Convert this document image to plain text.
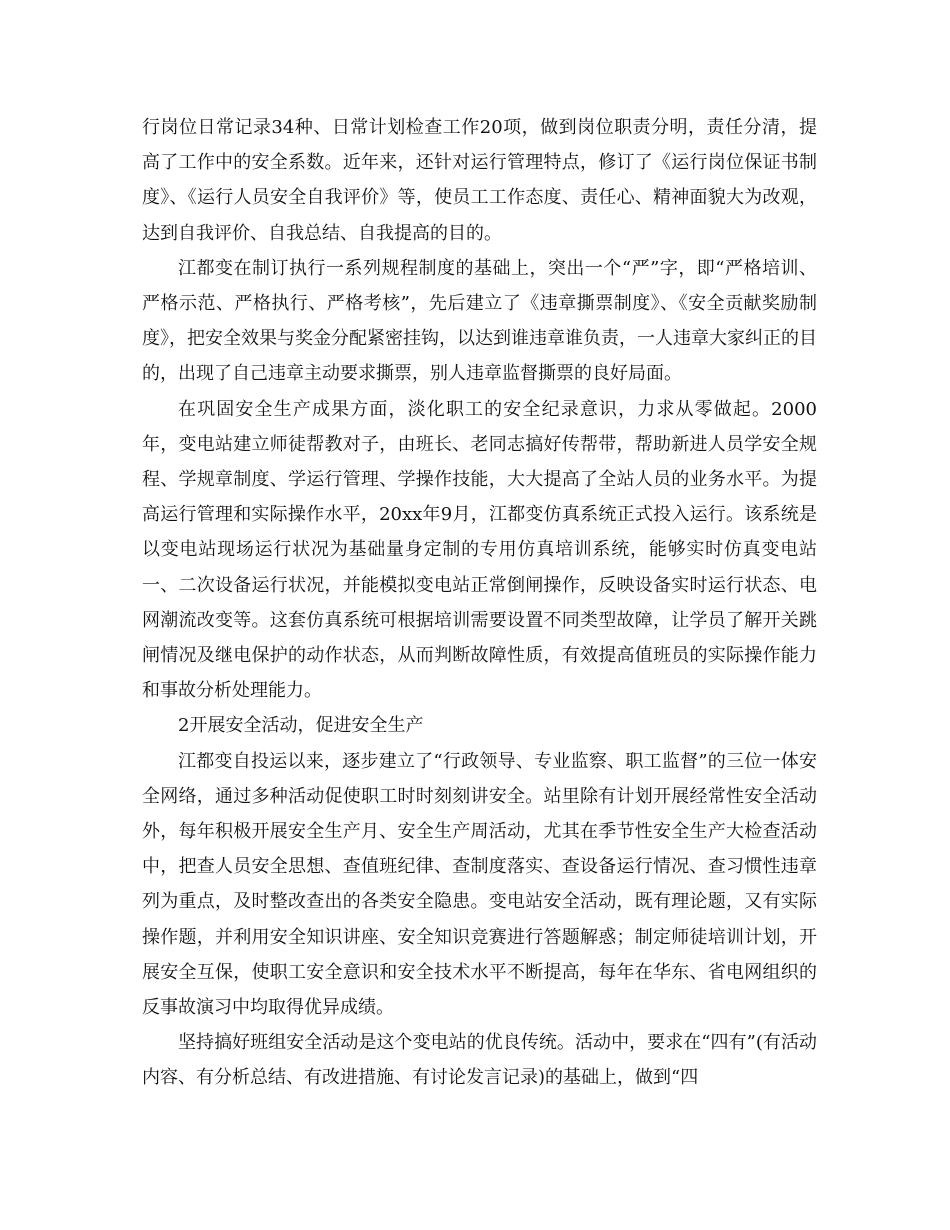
行岗位日常记录34种、日常计划检查工作20项，做到岗位职责分明，责任分清，提高了工作中的安全系数。近年来，还针对运行管理特点，修订了《运行岗位保证书制度》、《运行人员安全自我评价》等，使员工工作态度、责任心、精神面貌大为改观，达到自我评价、自我总结、自我提高的目的。

江都变在制订执行一系列规程制度的基础上，突出一个“严”字，即“严格培训、严格示范、严格执行、严格考核”，先后建立了《违章撕票制度》、《安全贡献奖励制度》，把安全效果与奖金分配紧密挂钩，以达到谁违章谁负责，一人违章大家纠正的目的，出现了自己违章主动要求撕票，别人违章监督撕票的良好局面。

在巩固安全生产成果方面，淡化职工的安全纪录意识，力求从零做起。2000年，变电站建立师徒帮教对子，由班长、老同志搞好传帮带，帮助新进人员学安全规程、学规章制度、学运行管理、学操作技能，大大提高了全站人员的业务水平。为提高运行管理和实际操作水平，20xx年9月，江都变仿真系统正式投入运行。该系统是以变电站现场运行状况为基础量身定制的专用仿真培训系统，能够实时仿真变电站一、二次设备运行状况，并能模拟变电站正常倒闸操作，反映设备实时运行状态、电网潮流改变等。这套仿真系统可根据培训需要设置不同类型故障，让学员了解开关跳闸情况及继电保护的动作状态，从而判断故障性质，有效提高值班员的实际操作能力和事故分析处理能力。

2开展安全活动，促进安全生产

江都变自投运以来，逐步建立了“行政领导、专业监察、职工监督”的三位一体安全网络，通过多种活动促使职工时时刻刻讲安全。站里除有计划开展经常性安全活动外，每年积极开展安全生产月、安全生产周活动，尤其在季节性安全生产大检查活动中，把查人员安全思想、查值班纪律、查制度落实、查设备运行情况、查习惯性违章列为重点，及时整改查出的各类安全隐患。变电站安全活动，既有理论题，又有实际操作题，并利用安全知识讲座、安全知识竞赛进行答题解惑；制定师徒培训计划，开展安全互保，使职工安全意识和安全技术水平不断提高，每年在华东、省电网组织的反事故演习中均取得优异成绩。

坚持搞好班组安全活动是这个变电站的优良传统。活动中，要求在“四有”(有活动内容、有分析总结、有改进措施、有讨论发言记录)的基础上，做到“四
